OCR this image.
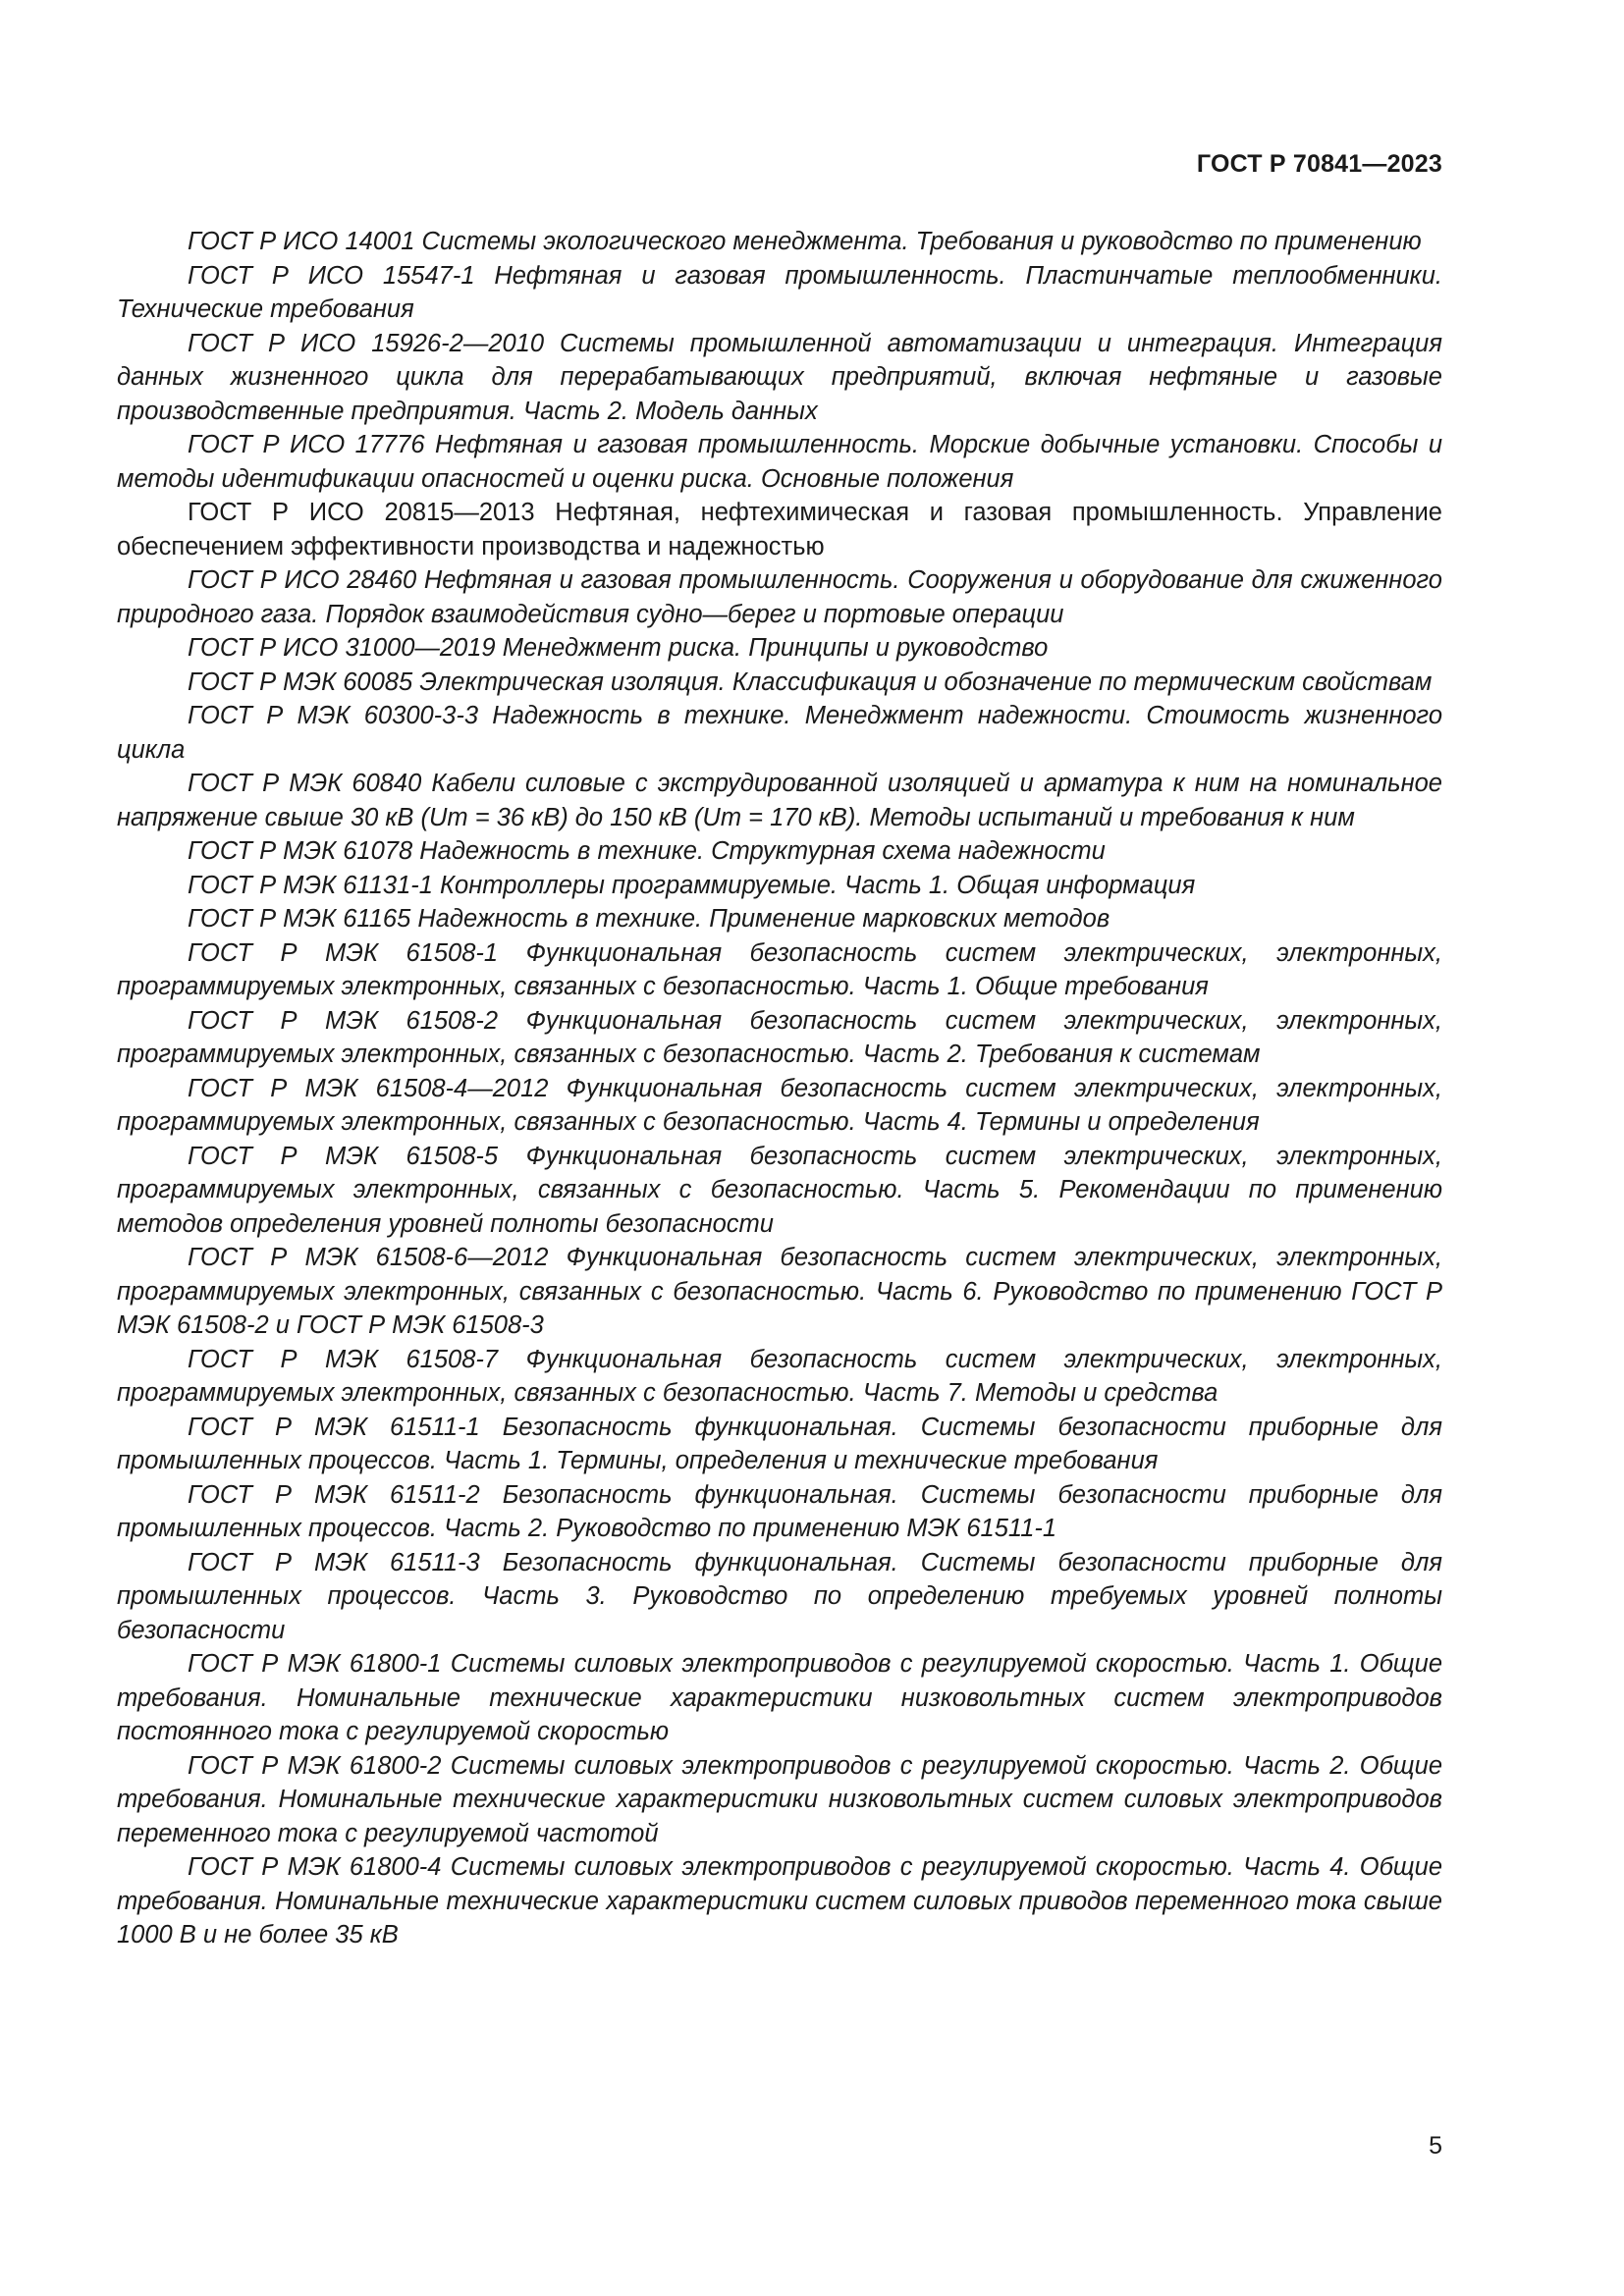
ГОСТ Р 70841—2023

ГОСТ Р ИСО 14001 Системы экологического менеджмента. Требования и руководство по применению

ГОСТ Р ИСО 15547-1 Нефтяная и газовая промышленность. Пластинчатые теплообменники. Технические требования

ГОСТ Р ИСО 15926-2—2010 Системы промышленной автоматизации и интеграция. Интеграция данных жизненного цикла для перерабатывающих предприятий, включая нефтяные и газовые производственные предприятия. Часть 2. Модель данных

ГОСТ Р ИСО 17776 Нефтяная и газовая промышленность. Морские добычные установки. Способы и методы идентификации опасностей и оценки риска. Основные положения

ГОСТ Р ИСО 20815—2013 Нефтяная, нефтехимическая и газовая промышленность. Управление обеспечением эффективности производства и надежностью

ГОСТ Р ИСО 28460 Нефтяная и газовая промышленность. Сооружения и оборудование для сжиженного природного газа. Порядок взаимодействия судно—берег и портовые операции

ГОСТ Р ИСО 31000—2019 Менеджмент риска. Принципы и руководство

ГОСТ Р МЭК 60085 Электрическая изоляция. Классификация и обозначение по термическим свойствам

ГОСТ Р МЭК 60300-3-3 Надежность в технике. Менеджмент надежности. Стоимость жизненного цикла

ГОСТ Р МЭК 60840 Кабели силовые с экструдированной изоляцией и арматура к ним на номинальное напряжение свыше 30 кВ (Um = 36 кВ) до 150 кВ (Um = 170 кВ). Методы испытаний и требования к ним

ГОСТ Р МЭК 61078 Надежность в технике. Структурная схема надежности

ГОСТ Р МЭК 61131-1 Контроллеры программируемые. Часть 1. Общая информация

ГОСТ Р МЭК 61165 Надежность в технике. Применение марковских методов

ГОСТ Р МЭК 61508-1 Функциональная безопасность систем электрических, электронных, программируемых электронных, связанных с безопасностью. Часть 1. Общие требования

ГОСТ Р МЭК 61508-2 Функциональная безопасность систем электрических, электронных, программируемых электронных, связанных с безопасностью. Часть 2. Требования к системам

ГОСТ Р МЭК 61508-4—2012 Функциональная безопасность систем электрических, электронных, программируемых электронных, связанных с безопасностью. Часть 4. Термины и определения

ГОСТ Р МЭК 61508-5 Функциональная безопасность систем электрических, электронных, программируемых электронных, связанных с безопасностью. Часть 5. Рекомендации по применению методов определения уровней полноты безопасности

ГОСТ Р МЭК 61508-6—2012 Функциональная безопасность систем электрических, электронных, программируемых электронных, связанных с безопасностью. Часть 6. Руководство по применению ГОСТ Р МЭК 61508-2 и ГОСТ Р МЭК 61508-3

ГОСТ Р МЭК 61508-7 Функциональная безопасность систем электрических, электронных, программируемых электронных, связанных с безопасностью. Часть 7. Методы и средства

ГОСТ Р МЭК 61511-1 Безопасность функциональная. Системы безопасности приборные для промышленных процессов. Часть 1. Термины, определения и технические требования

ГОСТ Р МЭК 61511-2 Безопасность функциональная. Системы безопасности приборные для промышленных процессов. Часть 2. Руководство по применению МЭК 61511-1

ГОСТ Р МЭК 61511-3 Безопасность функциональная. Системы безопасности приборные для промышленных процессов. Часть 3. Руководство по определению требуемых уровней полноты безопасности

ГОСТ Р МЭК 61800-1 Системы силовых электроприводов с регулируемой скоростью. Часть 1. Общие требования. Номинальные технические характеристики низковольтных систем электроприводов постоянного тока с регулируемой скоростью

ГОСТ Р МЭК 61800-2 Системы силовых электроприводов с регулируемой скоростью. Часть 2. Общие требования. Номинальные технические характеристики низковольтных систем силовых электроприводов переменного тока с регулируемой частотой

ГОСТ Р МЭК 61800-4 Системы силовых электроприводов с регулируемой скоростью. Часть 4. Общие требования. Номинальные технические характеристики систем силовых приводов переменного тока свыше 1000 В и не более 35 кВ

5
